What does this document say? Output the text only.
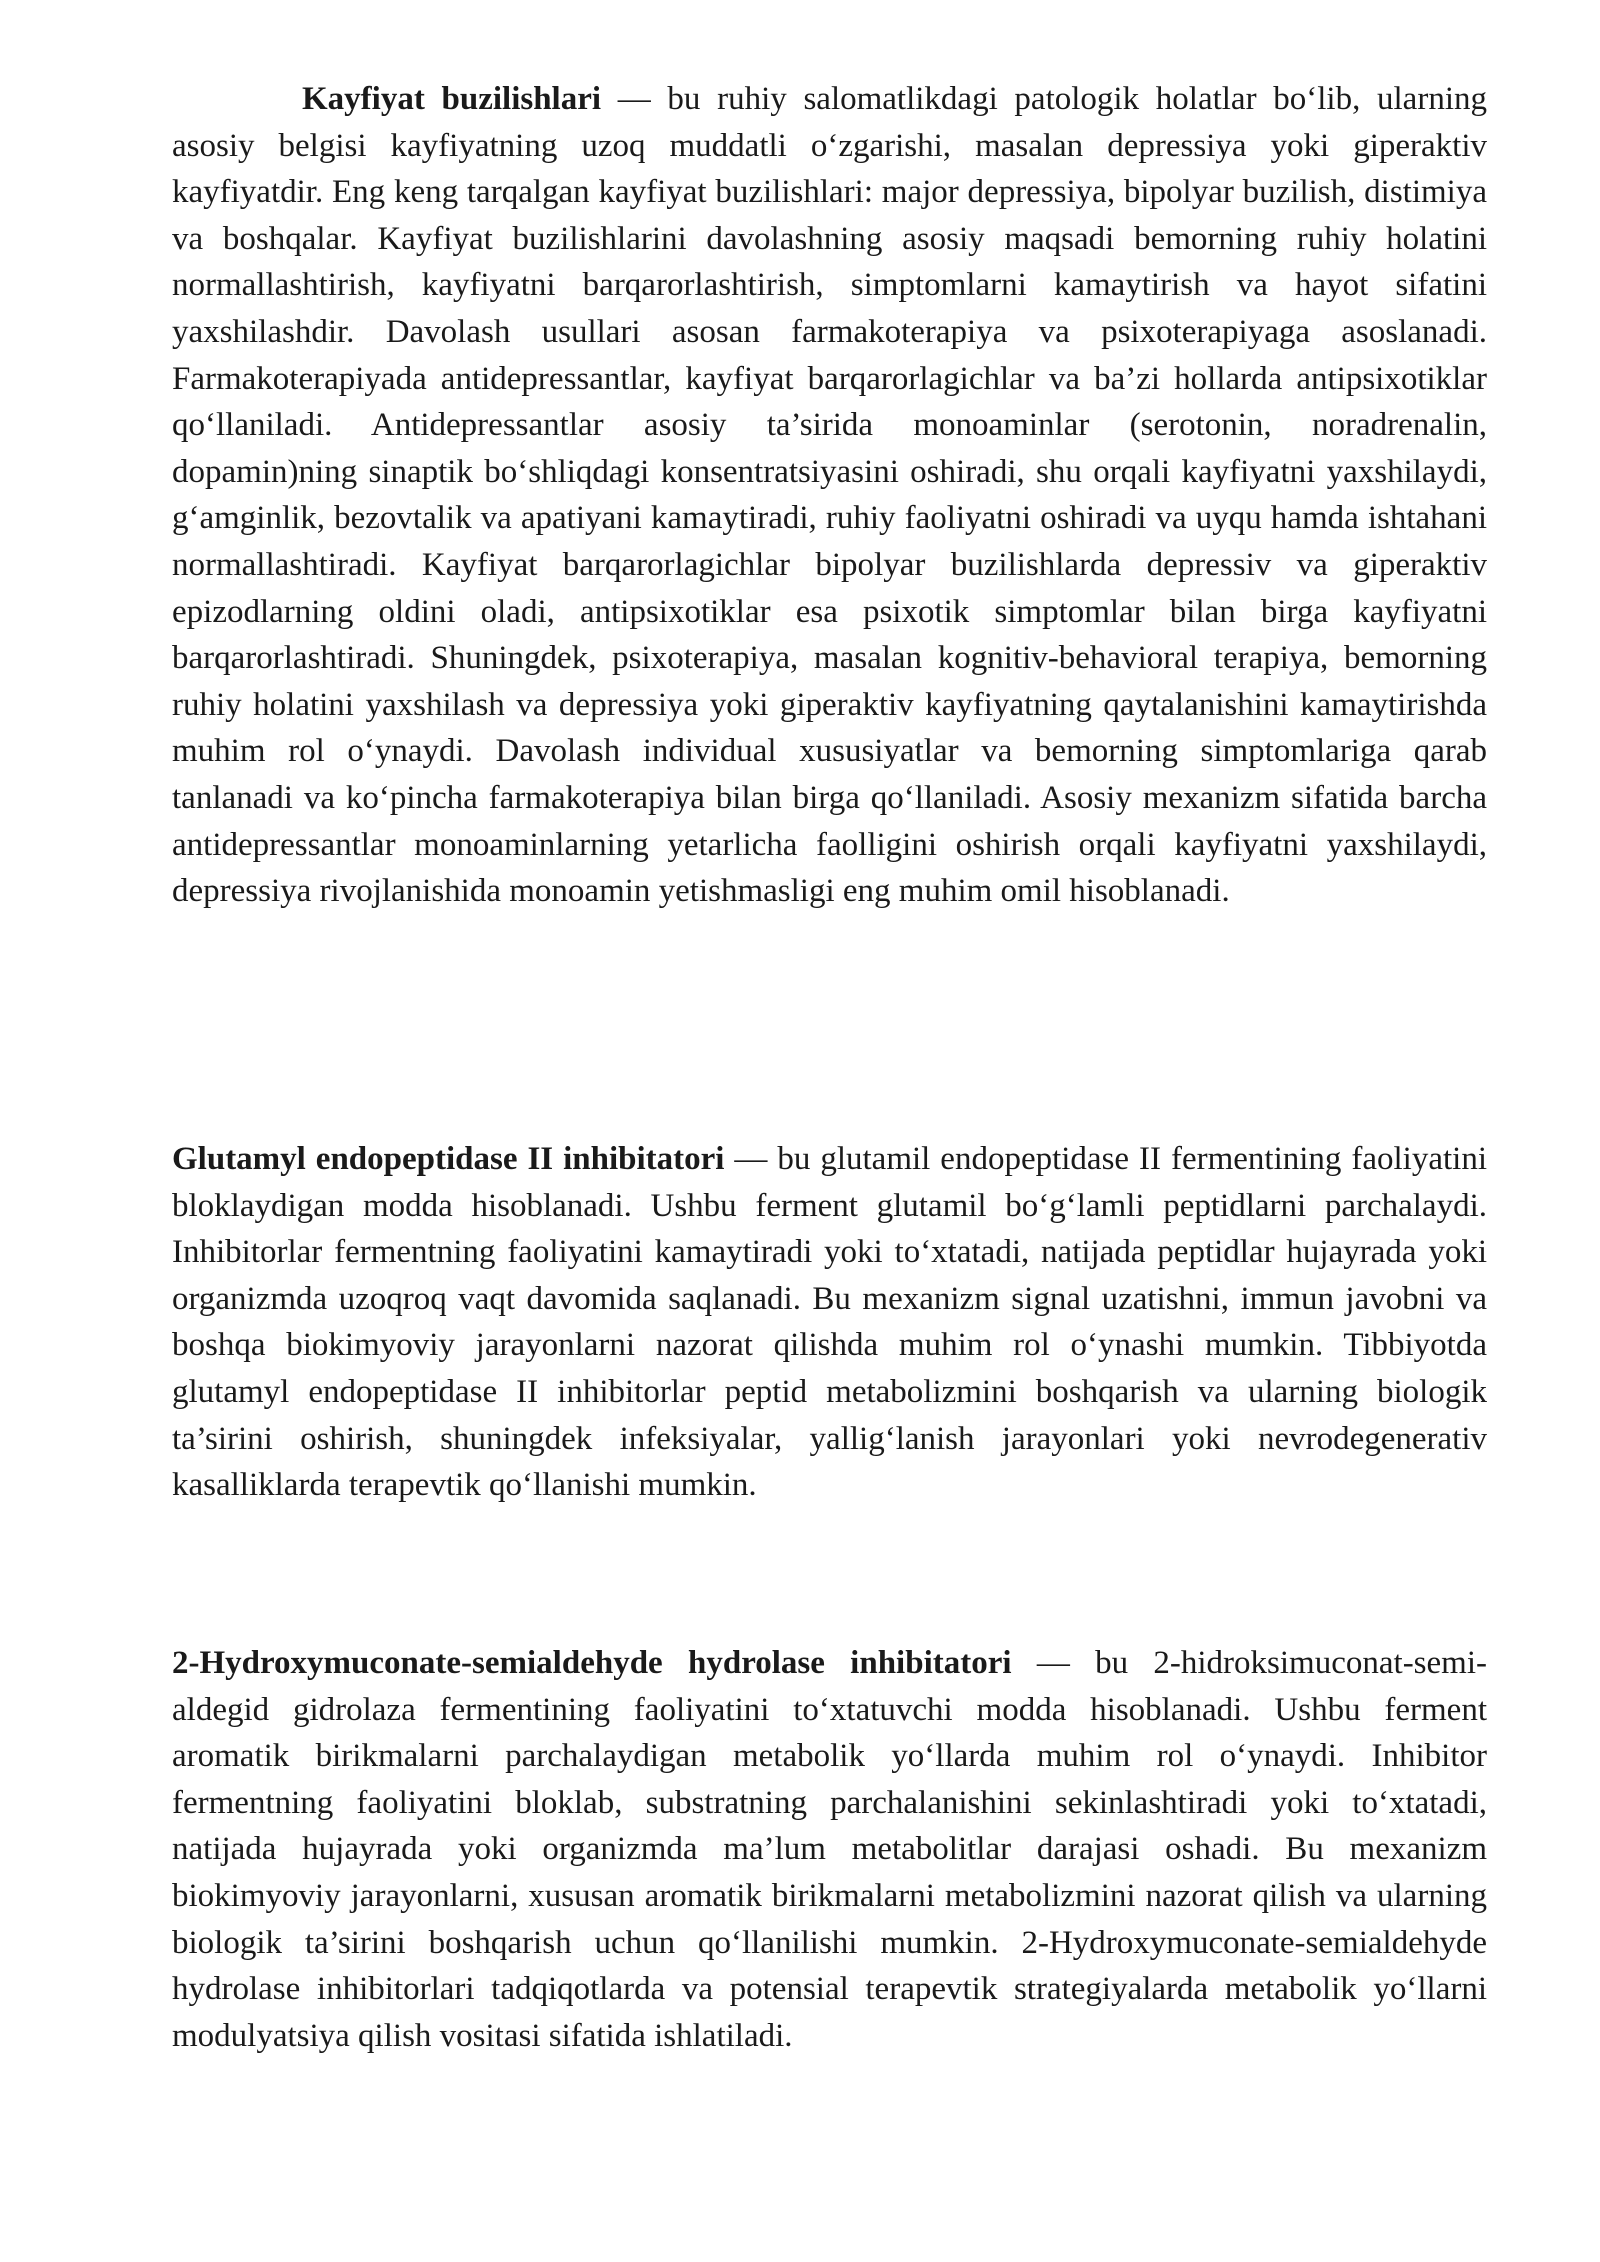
Kayfiyat buzilishlari — bu ruhiy salomatlikdagi patologik holatlar bo‘lib, ularning asosiy belgisi kayfiyatning uzoq muddatli o‘zgarishi, masalan depressiya yoki giperaktiv kayfiyatdir. Eng keng tarqalgan kayfiyat buzilishlari: major depressiya, bipolyar buzilish, distimiya va boshqalar. Kayfiyat buzilishlarini davolashning asosiy maqsadi bemorning ruhiy holatini normallashtirish, kayfiyatni barqarorlashtirish, simptomlarni kamaytirish va hayot sifatini yaxshilashdir. Davolash usullari asosan farmakoterapiya va psixoterapiyaga asoslanadi. Farmakoterapiyada antidepressantlar, kayfiyat barqarorlagichlar va ba’zi hollarda antipsixotiklar qo‘llaniladi. Antidepressantlar asosiy ta’sirida monoaminlar (serotonin, noradrenalin, dopamin)ning sinaptik bo‘shliqdagi konsentratsiyasini oshiradi, shu orqali kayfiyatni yaxshilaydi, g‘amginlik, bezovtalik va apatiyani kamaytiradi, ruhiy faoliyatni oshiradi va uyqu hamda ishtahani normallashtiradi. Kayfiyat barqarorlagichlar bipolyar buzilishlarda depressiv va giperaktiv epizodlarning oldini oladi, antipsixotiklar esa psixotik simptomlar bilan birga kayfiyatni barqarorlashtiradi. Shuningdek, psixoterapiya, masalan kognitiv-behavioral terapiya, bemorning ruhiy holatini yaxshilash va depressiya yoki giperaktiv kayfiyatning qaytalanishini kamaytirishda muhim rol o‘ynaydi. Davolash individual xususiyatlar va bemorning simptomlariga qarab tanlanadi va ko‘pincha farmakoterapiya bilan birga qo‘llaniladi. Asosiy mexanizm sifatida barcha antidepressantlar monoaminlarning yetarlicha faolligini oshirish orqali kayfiyatni yaxshilaydi, depressiya rivojlanishida monoamin yetishmasligi eng muhim omil hisoblanadi.

Glutamyl endopeptidase II inhibitatori — bu glutamil endopeptidase II fermentining faoliyatini bloklaydigan modda hisoblanadi. Ushbu ferment glutamil bo‘g‘lamli peptidlarni parchalaydi. Inhibitorlar fermentning faoliyatini kamaytiradi yoki to‘xtatadi, natijada peptidlar hujayrada yoki organizmda uzoqroq vaqt davomida saqlanadi. Bu mexanizm signal uzatishni, immun javobni va boshqa biokimyoviy jarayonlarni nazorat qilishda muhim rol o‘ynashi mumkin. Tibbiyotda glutamyl endopeptidase II inhibitorlar peptid metabolizmini boshqarish va ularning biologik ta’sirini oshirish, shuningdek infeksiyalar, yallig‘lanish jarayonlari yoki nevrodegenerativ kasalliklarda terapevtik qo‘llanishi mumkin.

2-Hydroxymuconate-semialdehyde hydrolase inhibitatori — bu 2-hidroksimuconat-semi-aldegid gidrolaza fermentining faoliyatini to‘xtatuvchi modda hisoblanadi. Ushbu ferment aromatik birikmalarni parchalaydigan metabolik yo‘llarda muhim rol o‘ynaydi. Inhibitor fermentning faoliyatini bloklab, substratning parchalanishini sekinlashtiradi yoki to‘xtatadi, natijada hujayrada yoki organizmda ma’lum metabolitlar darajasi oshadi. Bu mexanizm biokimyoviy jarayonlarni, xususan aromatik birikmalarni metabolizmini nazorat qilish va ularning biologik ta’sirini boshqarish uchun qo‘llanilishi mumkin. 2-Hydroxymuconate-semialdehyde hydrolase inhibitorlari tadqiqotlarda va potensial terapevtik strategiyalarda metabolik yo‘llarni modulyatsiya qilish vositasi sifatida ishlatiladi.
